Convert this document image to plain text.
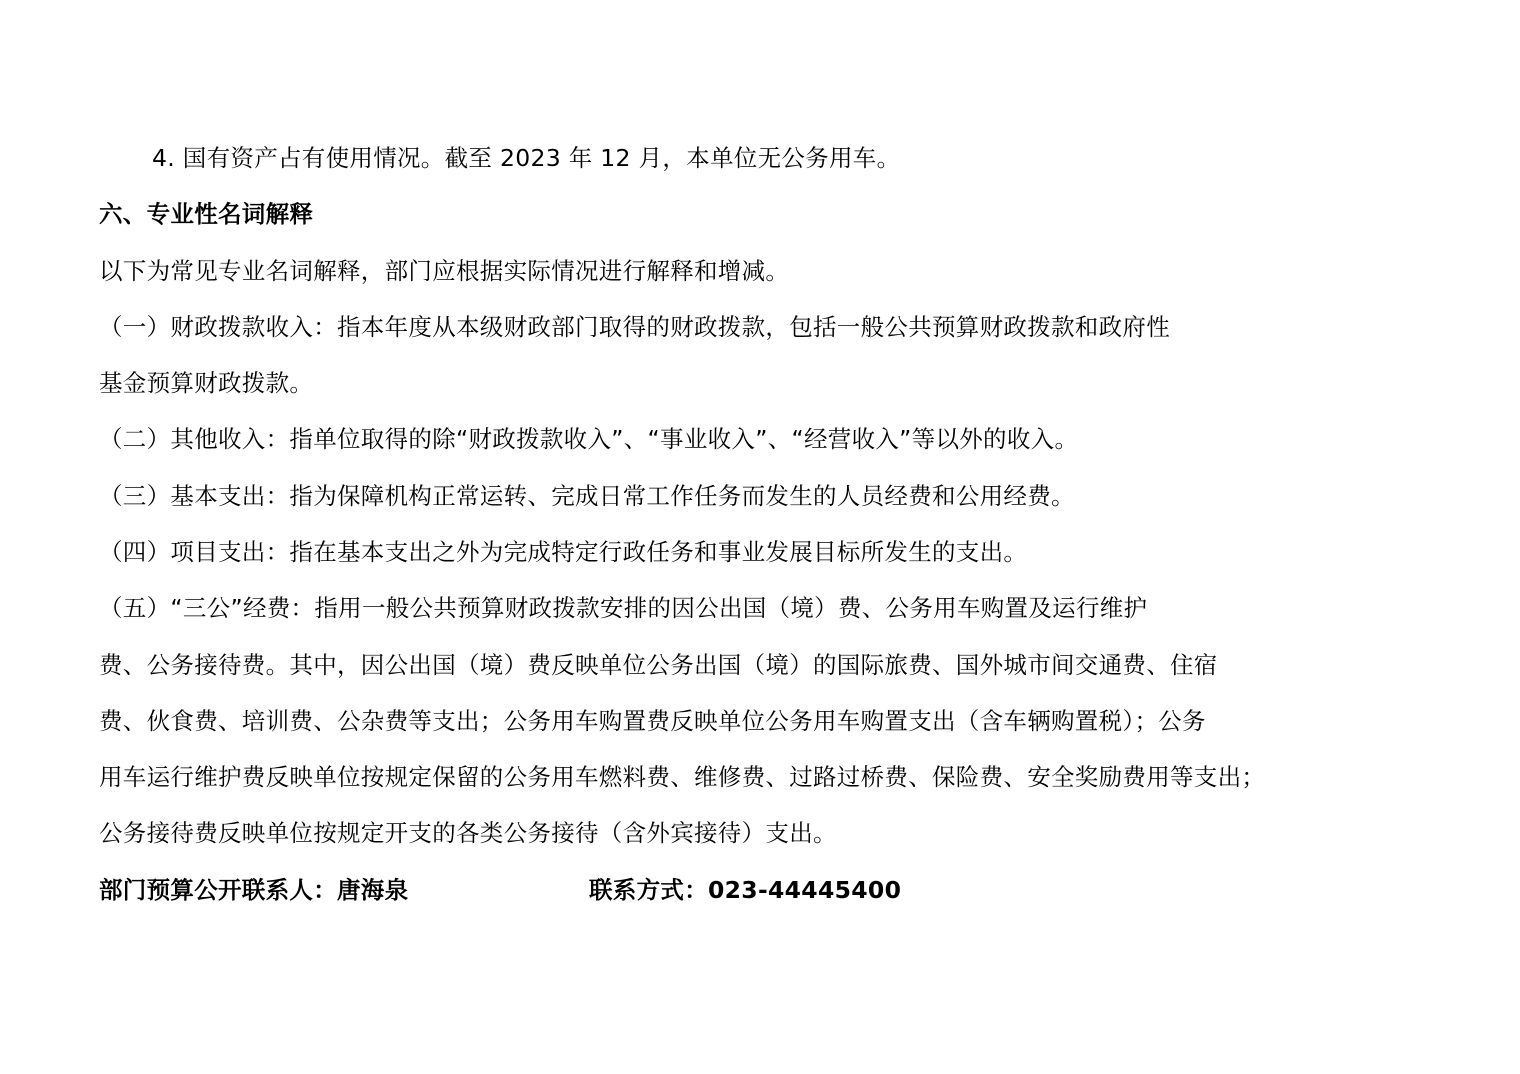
4. 国有资产占有使用情况。截至 2023 年 12 月，本单位无公务用车。
六、专业性名词解释
以下为常见专业名词解释，部门应根据实际情况进行解释和增减。
（一）财政拨款收入：指本年度从本级财政部门取得的财政拨款，包括一般公共预算财政拨款和政府性
基金预算财政拨款。
（二）其他收入：指单位取得的除“财政拨款收入”、“事业收入”、“经营收入”等以外的收入。
（三）基本支出：指为保障机构正常运转、完成日常工作任务而发生的人员经费和公用经费。
（四）项目支出：指在基本支出之外为完成特定行政任务和事业发展目标所发生的支出。
（五）“三公”经费：指用一般公共预算财政拨款安排的因公出国（境）费、公务用车购置及运行维护
费、公务接待费。其中，因公出国（境）费反映单位公务出国（境）的国际旅费、国外城市间交通费、住宿
费、伙食费、培训费、公杂费等支出；公务用车购置费反映单位公务用车购置支出（含车辆购置税）；公务
用车运行维护费反映单位按规定保留的公务用车燃料费、维修费、过路过桥费、保险费、安全奖励费用等支出；
公务接待费反映单位按规定开支的各类公务接待（含外宾接待）支出。
部门预算公开联系人：唐海泉	联系方式：023-44445400
